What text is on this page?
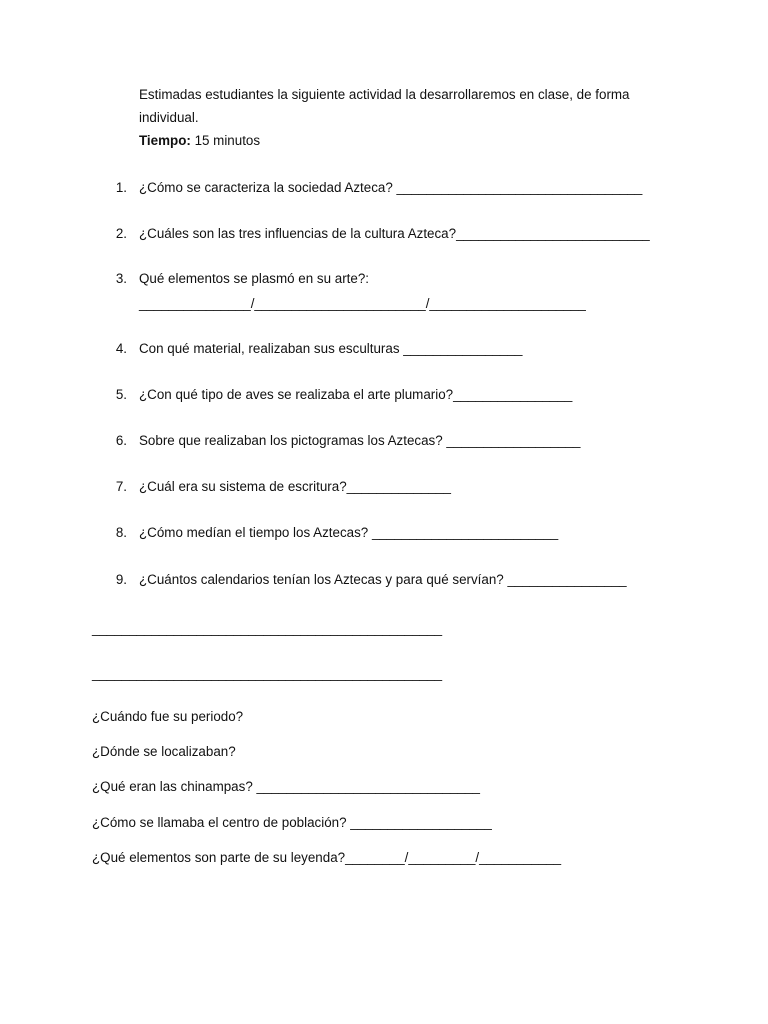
Estimadas estudiantes la siguiente actividad la desarrollaremos en clase, de forma
individual.
Tiempo: 15 minutos
1. ¿Cómo se caracteriza la sociedad Azteca? _________________________________
2. ¿Cuáles son las tres influencias de la cultura Azteca?__________________________
3. Qué elementos se plasmó en su arte?:
_______________/_______________________/_____________________
4. Con qué material, realizaban sus esculturas ________________
5. ¿Con qué tipo de aves se realizaba el arte plumario?________________
6. Sobre que realizaban los pictogramas los Aztecas? __________________
7. ¿Cuál era su sistema de escritura?______________
8. ¿Cómo medían el tiempo los Aztecas? _________________________
9. ¿Cuántos calendarios tenían los Aztecas y para qué servían? ________________
_______________________________________________
_______________________________________________
¿Cuándo fue su periodo?
¿Dónde se localizaban?
¿Qué eran las chinampas? ______________________________
¿Cómo se llamaba el centro de población? ___________________
¿Qué elementos son parte de su leyenda?________/_________/___________
